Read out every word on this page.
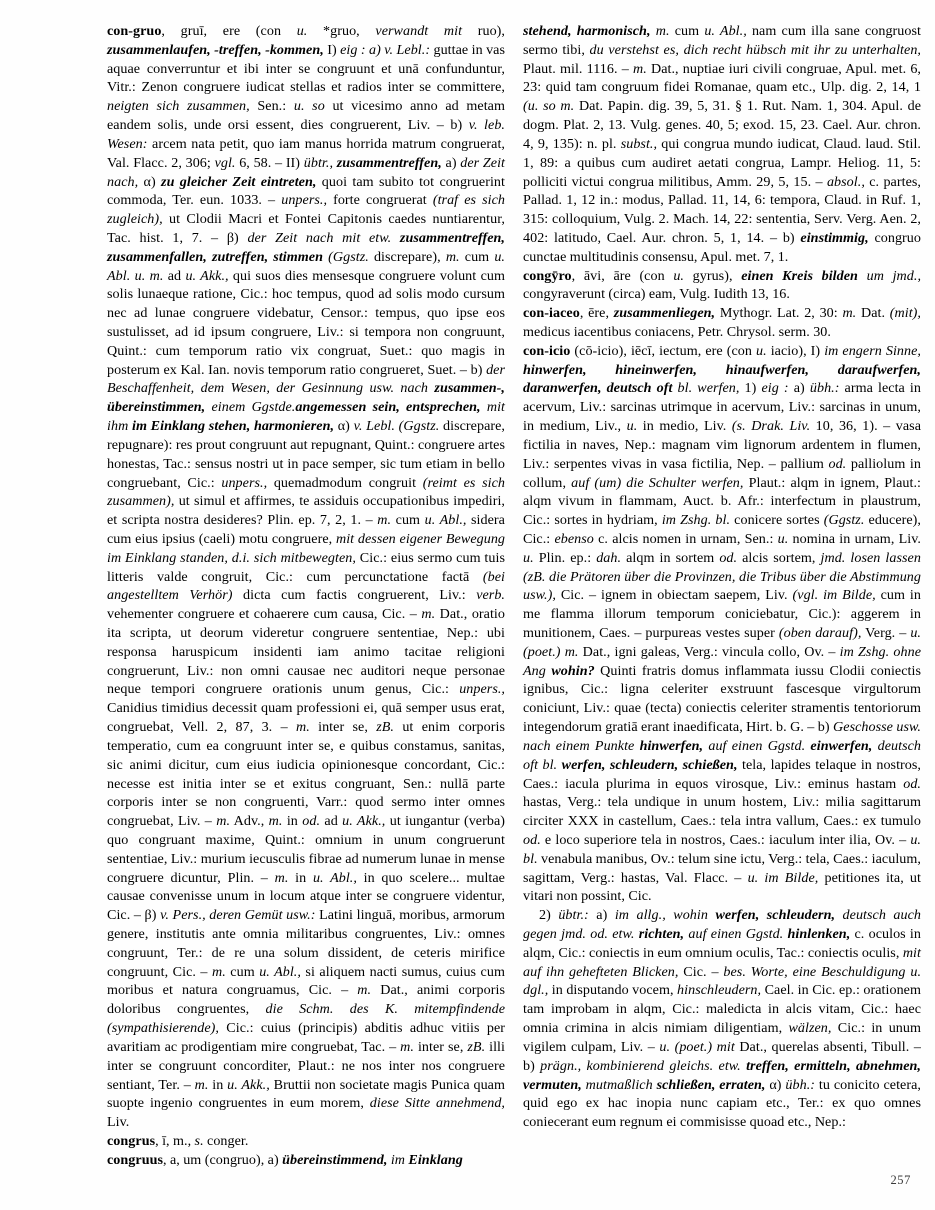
con-gruo, gruī, ere (con u. *gruo, verwandt mit ruo), zusammenlaufen, -treffen, -kommen, I) eig : a) v. Lebl.: guttae in vas aquae converruntur et ibi inter se congruunt et unā confunduntur, Vitr.: Zenon congruere iudicat stellas et radios inter se committere, neigten sich zusammen, Sen.: u. so ut vicesimo anno ad metam eandem solis, unde orsi essent, dies congruerent, Liv. – b) v. leb. Wesen: arcem nata petit, quo iam manus horrida matrum congruerat, Val. Flacc. 2, 306; vgl. 6, 58. – II) übtr., zusammentreffen, a) der Zeit nach, α) zu gleicher Zeit eintreten, quoi tam subito tot congruerint commoda, Ter. eun. 1033. – unpers., forte congruerat (traf es sich zugleich), ut Clodii Macri et Fontei Capitonis caedes nuntiarentur, Tac. hist. 1, 7. – β) der Zeit nach mit etw. zusammentreffen, zusammenfallen, zutreffen, stimmen (Ggstz. discrepare), m. cum u. Abl. u. m. ad u. Akk., qui suos dies mensesque congruere volunt cum solis lunaeque ratione, Cic.: hoc tempus, quod ad solis modo cursum nec ad lunae congruere videbatur, Censor.: tempus, quo ipse eos sustulisset, ad id ipsum congruere, Liv.: si tempora non congruunt, Quint.: cum temporum ratio vix congruat, Suet.: quo magis in posterum ex Kal. Ian. novis temporum ratio congrueret, Suet. – b) der Beschaffenheit, dem Wesen, der Gesinnung usw. nach zusammen-, übereinstimmen, einem Ggstde.angemessen sein, entsprechen, mit ihm im Einklang stehen, harmonieren, α) v. Lebl. (Ggstz. discrepare, repugnare): res prout congruunt aut repugnant, Quint.: congruere artes honestas, Tac.: sensus nostri ut in pace semper, sic tum etiam in bello congruebant, Cic.: unpers., quemadmodum congruit (reimt es sich zusammen), ut simul et affirmes, te assiduis occupationibus impediri, et scripta nostra desideres? Plin. ep. 7, 2, 1. – m. cum u. Abl., sidera cum eius ipsius (caeli) motu congruere, mit dessen eigener Bewegung im Einklang standen, d.i. sich mitbewegten, Cic.: eius sermo cum tuis litteris valde congruit, Cic.: cum percunctatione factā (bei angestelltem Verhör) dicta cum factis congruerent, Liv.: verb. vehementer congruere et cohaerere cum causa, Cic. – m. Dat., oratio ita scripta, ut deorum videretur congruere sententiae, Nep.: ubi responsa haruspicum insidenti iam animo tacitae religioni congruerunt, Liv.: non omni causae nec auditori neque personae neque tempori congruere orationis unum genus, Cic.: unpers., Canidius timidius decessit quam professioni ei, quā semper usus erat, congruebat, Vell. 2, 87, 3. – m. inter se, zB. ut enim corporis temperatio, cum ea congruunt inter se, e quibus constamus, sanitas, sic animi dicitur, cum eius iudicia opinionesque concordant, Cic.: necesse est initia inter se et exitus congruant, Sen.: nullā parte corporis inter se non congruenti, Varr.: quod sermo inter omnes congruebat, Liv. – m. Adv., m. in od. ad u. Akk., ut iungantur (verba) quo congruant maxime, Quint.: omnium in unum congruerunt sententiae, Liv.: murium iecusculis fibrae ad numerum lunae in mense congruere dicuntur, Plin. – m. in u. Abl., in quo scelere... multae causae convenisse unum in locum atque inter se congruere videntur, Cic. – β) v. Pers., deren Gemüt usw.: Latini linguā, moribus, armorum genere, institutis ante omnia militaribus congruentes, Liv.: omnes congruunt, Ter.: de re una solum dissident, de ceteris mirifice congruunt, Cic. – m. cum u. Abl., si aliquem nacti sumus, cuius cum moribus et natura congruamus, Cic. – m. Dat., animi corporis doloribus congruentes, die Schm. des K. mitempfindende (sympathisierende), Cic.: cuius (principis) abditis adhuc vitiis per avaritiam ac prodigentiam mire congruebat, Tac. – m. inter se, zB. illi inter se congruunt concorditer, Plaut.: ne nos inter nos congruere sentiant, Ter. – m. in u. Akk., Bruttii non societate magis Punica quam suopte ingenio congruentes in eum morem, diese Sitte annehmend, Liv.

congrus, ī, m., s. conger.

congruus, a, um (congruo), a) übereinstimmend, im Einklang

stehend, harmonisch, m. cum u. Abl., nam cum illa sane congruost sermo tibi, du verstehst es, dich recht hübsch mit ihr zu unterhalten, Plaut. mil. 1116. – m. Dat., nuptiae iuri civili congruae, Apul. met. 6, 23: quid tam congruum fidei Romanae, quam etc., Ulp. dig. 2, 14, 1 (u. so m. Dat. Papin. dig. 39, 5, 31. § 1. Rut. Nam. 1, 304. Apul. de dogm. Plat. 2, 13. Vulg. genes. 40, 5; exod. 15, 23. Cael. Aur. chron. 4, 9, 135): n. pl. subst., qui congrua mundo iudicat, Claud. laud. Stil. 1, 89: a quibus cum audiret aetati congrua, Lampr. Heliog. 11, 5: polliciti victui congrua militibus, Amm. 29, 5, 15. – absol., c. partes, Pallad. 1, 12 in.: modus, Pallad. 11, 14, 6: tempora, Claud. in Ruf. 1, 315: colloquium, Vulg. 2. Mach. 14, 22: sententia, Serv. Verg. Aen. 2, 402: latitudo, Cael. Aur. chron. 5, 1, 14. – b) einstimmig, congruo cunctae multitudinis consensu, Apul. met. 7, 1.

congȳro, āvi, āre (con u. gyrus), einen Kreis bilden um jmd., congyraverunt (circa) eam, Vulg. Iudith 13, 16.

con-iaceo, ēre, zusammenliegen, Mythogr. Lat. 2, 30: m. Dat. (mit), medicus iacentibus coniacens, Petr. Chrysol. serm. 30.

con-icio (cō-icio), iēcī, iectum, ere (con u. iacio), I) im engern Sinne, hinwerfen, hineinwerfen, hinaufwerfen, daraufwerfen, daranwerfen, deutsch oft bl. werfen, 1) eig : a) übh.: arma lecta in acervum, Liv.: sarcinas utrimque in acervum, Liv.: sarcinas in unum, in medium, Liv., u. in medio, Liv. (s. Drak. Liv. 10, 36, 1). – vasa fictilia in naves, Nep.: magnam vim lignorum ardentem in flumen, Liv.: serpentes vivas in vasa fictilia, Nep. – pallium od. palliolum in collum, auf (um) die Schulter werfen, Plaut.: alqm in ignem, Plaut.: alqm vivum in flammam, Auct. b. Afr.: interfectum in plaustrum, Cic.: sortes in hydriam, im Zshg. bl. conicere sortes (Ggstz. educere), Cic.: ebenso c. alcis nomen in urnam, Sen.: u. nomina in urnam, Liv. u. Plin. ep.: dah. alqm in sortem od. alcis sortem, jmd. losen lassen (zB. die Prätoren über die Provinzen, die Tribus über die Abstimmung usw.), Cic. – ignem in obiectam saepem, Liv. (vgl. im Bilde, cum in me flamma illorum temporum coniciebatur, Cic.): aggerem in munitionem, Caes. – purpureas vestes super (oben darauf), Verg. – u. (poet.) m. Dat., igni galeas, Verg.: vincula collo, Ov. – im Zshg. ohne Ang wohin? Quinti fratris domus inflammata iussu Clodii coniectis ignibus, Cic.: ligna celeriter exstruunt fascesque virgultorum coniciunt, Liv.: quae (tecta) coniectis celeriter stramentis tentoriorum integendorum gratiā erant inaedificata, Hirt. b. G. – b) Geschosse usw. nach einem Punkte hinwerfen, auf einen Ggstd. einwerfen, deutsch oft bl. werfen, schleudern, schießen, tela, lapides telaque in nostros, Caes.: iacula plurima in equos virosque, Liv.: eminus hastam od. hastas, Verg.: tela undique in unum hostem, Liv.: milia sagittarum circiter XXX in castellum, Caes.: tela intra vallum, Caes.: ex tumulo od. e loco superiore tela in nostros, Caes.: iaculum inter ilia, Ov. – u. bl. venabula manibus, Ov.: telum sine ictu, Verg.: tela, Caes.: iaculum, sagittam, Verg.: hastas, Val. Flacc. – u. im Bilde, petitiones ita, ut vitari non possint, Cic.

2) übtr.: a) im allg., wohin werfen, schleudern, deutsch auch gegen jmd. od. etw. richten, auf einen Ggstd. hinlenken, c. oculos in alqm, Cic.: coniectis in eum omnium oculis, Tac.: coniectis oculis, mit auf ihn gehefteten Blicken, Cic. – bes. Worte, eine Beschuldigung u. dgl., in disputando vocem, hinschleudern, Cael. in Cic. ep.: orationem tam improbam in alqm, Cic.: maledicta in alcis vitam, Cic.: haec omnia crimina in alcis nimiam diligentiam, wälzen, Cic.: in unum vigilem culpam, Liv. – u. (poet.) mit Dat., querelas absenti, Tibull. – b) prägn., kombinierend gleichs. etw. treffen, ermitteln, abnehmen, vermuten, mutmaßlich schließen, erraten, α) übh.: tu conicito cetera, quid ego ex hac inopia nunc capiam etc., Ter.: ex quo omnes coniecerant eum regnum ei commisisse quoad etc., Nep.:

257
